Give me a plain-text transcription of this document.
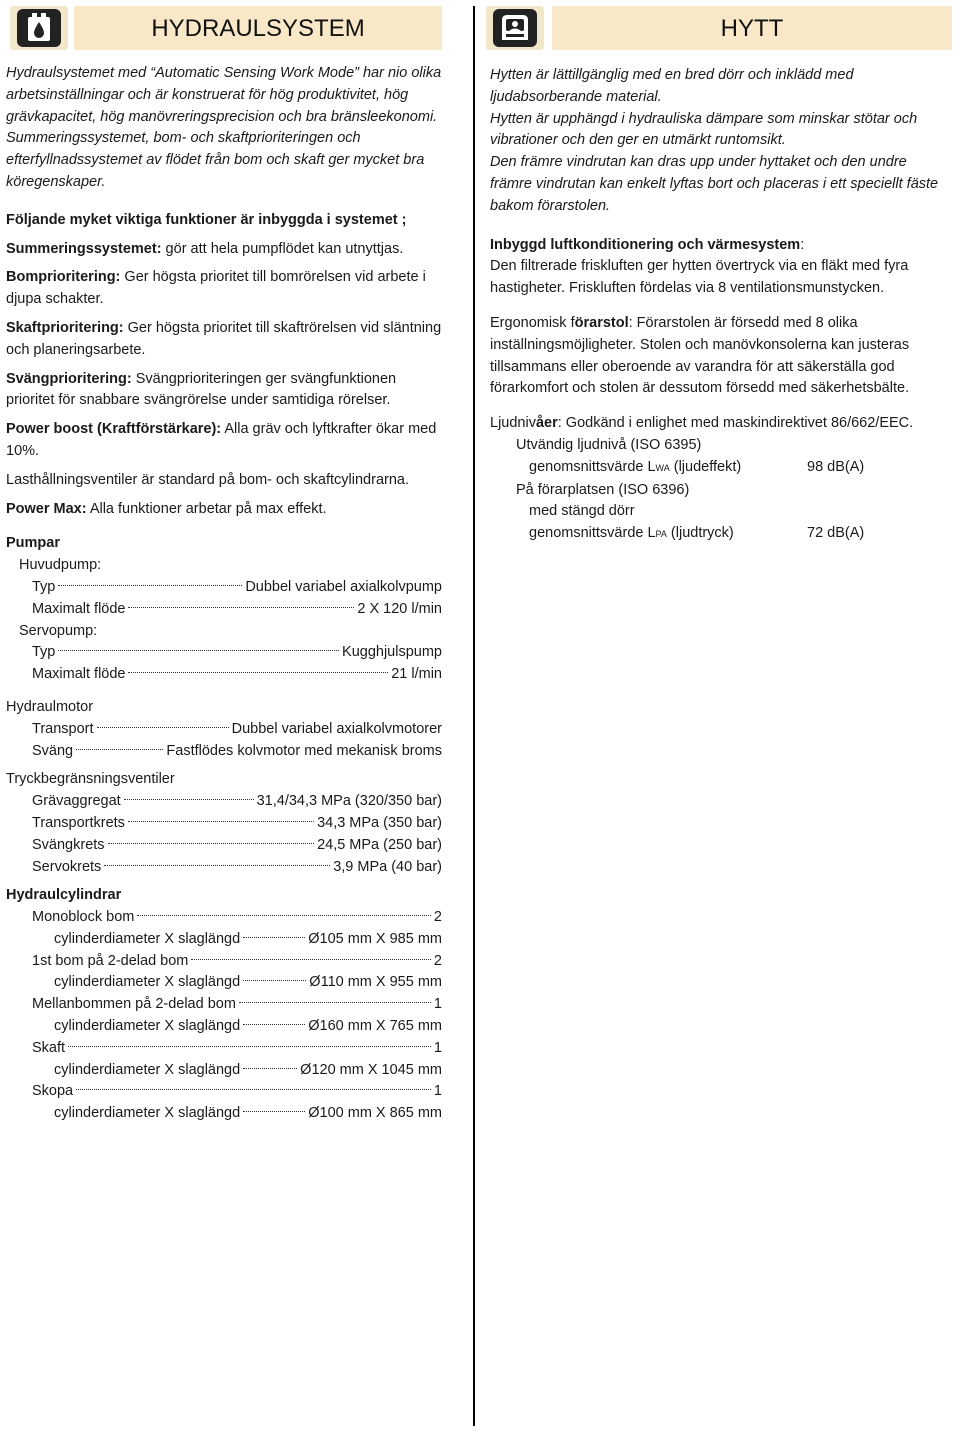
HYDRAULSYSTEM

Hydraulsystemet med “Automatic Sensing Work Mode” har nio olika arbetsinställningar och är konstruerat för hög produktivitet, hög grävkapacitet, hög manövreringsprecision och bra bränsleekonomi.

Summeringssystemet, bom- och skaftprioriteringen och efterfyllnadssystemet av flödet från bom och skaft ger mycket bra köregenskaper.

Följande myket viktiga funktioner är inbyggda i systemet ;

Summeringssystemet: gör att hela pumpflödet kan utnyttjas.

Bomprioritering: Ger högsta prioritet till bomrörelsen vid arbete i djupa schakter.

Skaftprioritering: Ger högsta prioritet till skaftrörelsen vid släntning och planeringsarbete.

Svängprioritering: Svängprioriteringen ger svängfunktionen prioritet för snabbare svängrörelse under samtidiga rörelser.

Power boost (Kraftförstärkare): Alla gräv och lyftkrafter ökar med 10%.

Lasthållningsventiler är standard på bom- och skaftcylindrarna.

Power Max: Alla funktioner arbetar på max effekt.

Pumpar

Huvudpump:

Typ	Dubbel variabel axialkolvpump
Maximalt flöde	2 X 120 l/min

Servopump:

Typ	Kugghjulspump
Maximalt flöde	21 l/min

Hydraulmotor

Transport	Dubbel variabel axialkolvmotorer
Sväng	Fastflödes kolvmotor med mekanisk broms

Tryckbegränsningsventiler

Grävaggregat	31,4/34,3 MPa (320/350 bar)
Transportkrets	34,3 MPa (350 bar)
Svängkrets	24,5 MPa (250 bar)
Servokrets	3,9 MPa (40 bar)

Hydraulcylindrar

Monoblock bom	2
cylinderdiameter X slaglängd	Ø105 mm X 985 mm
1st bom på 2-delad bom	2
cylinderdiameter X slaglängd	Ø110 mm X 955 mm
Mellanbommen på 2-delad bom	1
cylinderdiameter X slaglängd	Ø160 mm X 765 mm
Skaft	1
cylinderdiameter X slaglängd	Ø120 mm X 1045 mm
Skopa	1
cylinderdiameter X slaglängd	Ø100 mm X 865 mm
HYTT

Hytten är lättillgänglig med en bred dörr och inklädd med ljudabsorberande material.

Hytten är upphängd i hydrauliska dämpare som minskar stötar och vibrationer och den ger en utmärkt runtomsikt.

Den främre vindrutan kan dras upp under hyttaket och den undre främre vindrutan kan enkelt lyftas bort och placeras i ett speciellt fäste bakom förarstolen.

Inbyggd luftkonditionering och värmesystem:

Den filtrerade friskluften ger hytten övertryck via en fläkt med fyra hastigheter. Friskluften fördelas via 8 ventilationsmunstycken.

Ergonomisk förarstol: Förarstolen är försedd med 8 olika inställningsmöjligheter. Stolen och manövkonsolerna kan justeras tillsammans eller oberoende av varandra för att säkerställa god förarkomfort och stolen är dessutom försedd med säkerhetsbälte.

Ljudnivåer: Godkänd i enlighet med maskindirektivet 86/662/EEC.

Utvändig ljudnivå (ISO 6395)

genomsnittsvärde LWA (ljudeffekt)	98 dB(A)

På förarplatsen (ISO 6396)

med stängd dörr

genomsnittsvärde LPA (ljudtryck)	72 dB(A)
